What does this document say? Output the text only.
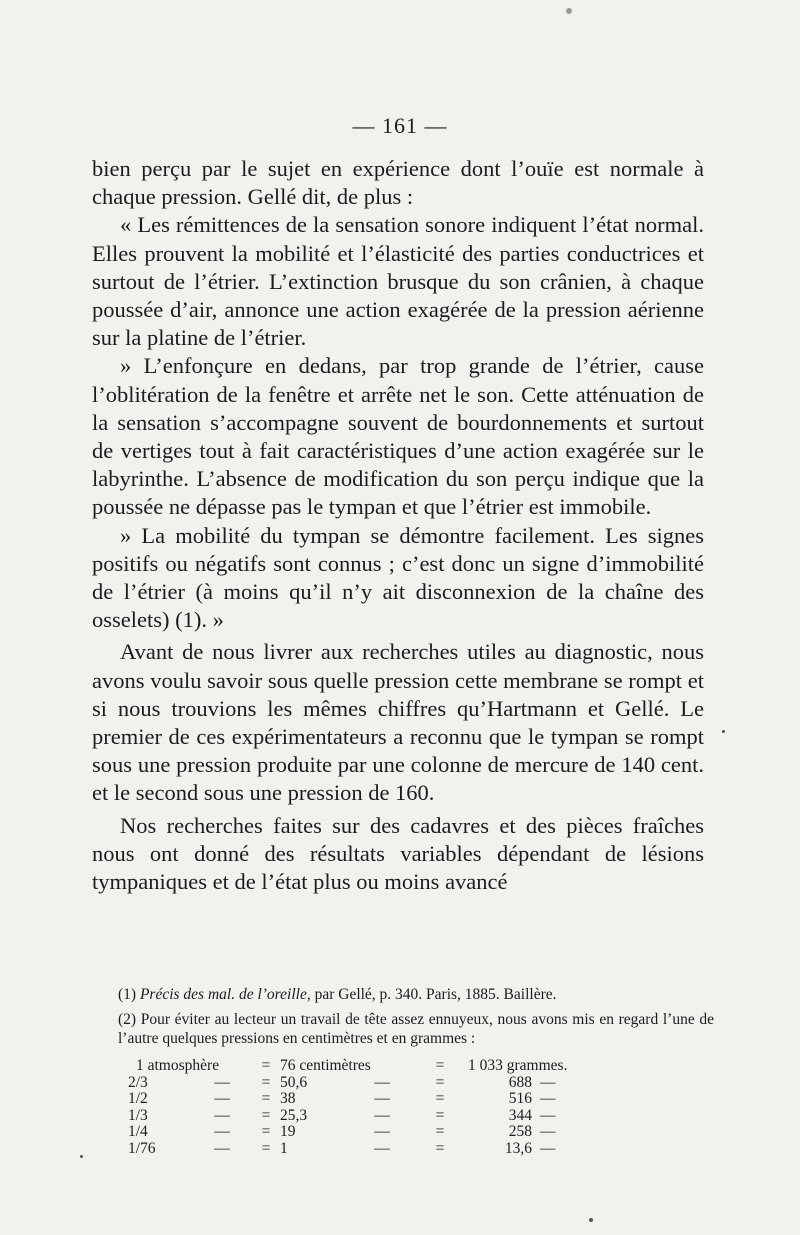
— 161 —

bien perçu par le sujet en expérience dont l’ouïe est normale à chaque pression. Gellé dit, de plus :

« Les rémittences de la sensation sonore indiquent l’état normal. Elles prouvent la mobilité et l’élasticité des parties conductrices et surtout de l’étrier. L’extinction brusque du son crânien, à chaque poussée d’air, annonce une action exagérée de la pression aérienne sur la platine de l’étrier.

» L’enfonçure en dedans, par trop grande de l’étrier, cause l’oblitération de la fenêtre et arrête net le son. Cette atténuation de la sensation s’accompagne souvent de bourdonnements et surtout de vertiges tout à fait caractéristiques d’une action exagérée sur le labyrinthe. L’absence de modification du son perçu indique que la poussée ne dépasse pas le tympan et que l’étrier est immobile.

» La mobilité du tympan se démontre facilement. Les signes positifs ou négatifs sont connus ; c’est donc un signe d’immobilité de l’étrier (à moins qu’il n’y ait disconnexion de la chaîne des osselets) (1). »

Avant de nous livrer aux recherches utiles au diagnostic, nous avons voulu savoir sous quelle pression cette membrane se rompt et si nous trouvions les mêmes chiffres qu’Hartmann et Gellé. Le premier de ces expérimentateurs a reconnu que le tympan se rompt sous une pression produite par une colonne de mercure de 140 cent. et le second sous une pression de 160.

Nos recherches faites sur des cadavres et des pièces fraîches nous ont donné des résultats variables dépendant de lésions tympaniques et de l’état plus ou moins avancé

(1) Précis des mal. de l’oreille, par Gellé, p. 340. Paris, 1885. Baillère.

(2) Pour éviter au lecteur un travail de tête assez ennuyeux, nous avons mis en regard l’une de l’autre quelques pressions en centimètres et en grammes :

1 atmosphère		=	76 centimètres		=	1 033 grammes.	
2/3	—	=	50,6	—	=	688	—
1/2	—	=	38	—	=	516	—
1/3	—	=	25,3	—	=	344	—
1/4	—	=	19	—	=	258	—
1/76	—	=	1	—	=	13,6	—
